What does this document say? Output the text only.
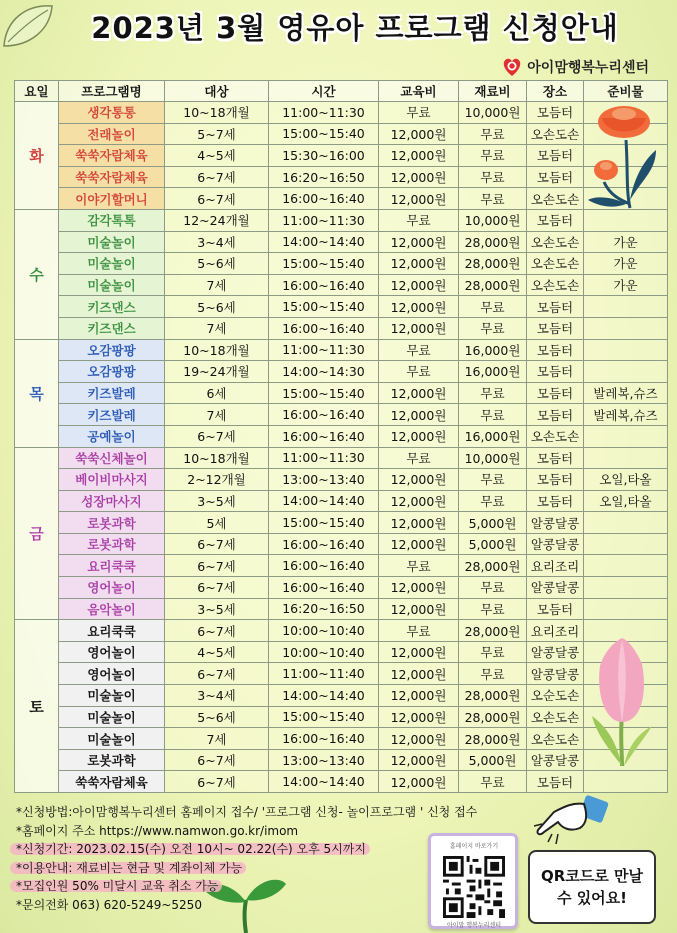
2023년 3월 영유아 프로그램 신청안내
아이맘행복누리센터
요일	프로그램명	대상	시간	교육비	재료비	장소	준비물
화	생각통통	10~18개월	11:00~11:30	무료	10,000원	모듬터	
	전래놀이	5~7세	15:00~15:40	12,000원	무료	오손도손	
	쑥쑥자람체육	4~5세	15:30~16:00	12,000원	무료	모듬터	
	쑥쑥자람체육	6~7세	16:20~16:50	12,000원	무료	모듬터	
	이야기할머니	6~7세	16:00~16:40	12,000원	무료	오손도손	
수	감각톡톡	12~24개월	11:00~11:30	무료	10,000원	모듬터	
	미술놀이	3~4세	14:00~14:40	12,000원	28,000원	오손도손	가운
	미술놀이	5~6세	15:00~15:40	12,000원	28,000원	오손도손	가운
	미술놀이	7세	16:00~16:40	12,000원	28,000원	오손도손	가운
	키즈댄스	5~6세	15:00~15:40	12,000원	무료	모듬터	
	키즈댄스	7세	16:00~16:40	12,000원	무료	모듬터	
목	오감팡팡	10~18개월	11:00~11:30	무료	16,000원	모듬터	
	오감팡팡	19~24개월	14:00~14:30	무료	16,000원	모듬터	
	키즈발레	6세	15:00~15:40	12,000원	무료	모듬터	발레복,슈즈
	키즈발레	7세	16:00~16:40	12,000원	무료	모듬터	발레복,슈즈
	공예놀이	6~7세	16:00~16:40	12,000원	16,000원	오손도손	
금	쑥쑥신체놀이	10~18개월	11:00~11:30	무료	10,000원	모듬터	
	베이비마사지	2~12개월	13:00~13:40	12,000원	무료	모듬터	오일,타올
	성장마사지	3~5세	14:00~14:40	12,000원	무료	모듬터	오일,타올
	로봇과학	5세	15:00~15:40	12,000원	5,000원	알콩달콩	
	로봇과학	6~7세	16:00~16:40	12,000원	5,000원	알콩달콩	
	요리쿡쿡	6~7세	16:00~16:40	무료	28,000원	요리조리	
	영어놀이	6~7세	16:00~16:40	12,000원	무료	알콩달콩	
	음악놀이	3~5세	16:20~16:50	12,000원	무료	모듬터	
토	요리쿡쿡	6~7세	10:00~10:40	무료	28,000원	요리조리	
	영어놀이	4~5세	10:00~10:40	12,000원	무료	알콩달콩	
	영어놀이	6~7세	11:00~11:40	12,000원	무료	알콩달콩	
	미술놀이	3~4세	14:00~14:40	12,000원	28,000원	오순도손	
	미술놀이	5~6세	15:00~15:40	12,000원	28,000원	오손도손	
	미술놀이	7세	16:00~16:40	12,000원	28,000원	오손도손	
	로봇과학	6~7세	13:00~13:40	12,000원	5,000원	알콩달콩	
	쑥쑥자람체육	6~7세	14:00~14:40	12,000원	무료	모듬터	
*신청방법:아이맘행복누리센터 홈페이지 접수/ '프로그램 신청- 놀이프로그램 ' 신청 접수
*홈페이지 주소 https://www.namwon.go.kr/imom
*신청기간: 2023.02.15(수) 오전 10시~ 02.22(수) 오후 5시까지
*이용안내: 재료비는 현금 및 계좌이체 가능
*모집인원 50% 미달시 교육 취소 가능
*문의전화 063) 620-5249~5250
홈페이지 바로가기
아이맘 행복누리센터
QR코드로 만날
수 있어요!
